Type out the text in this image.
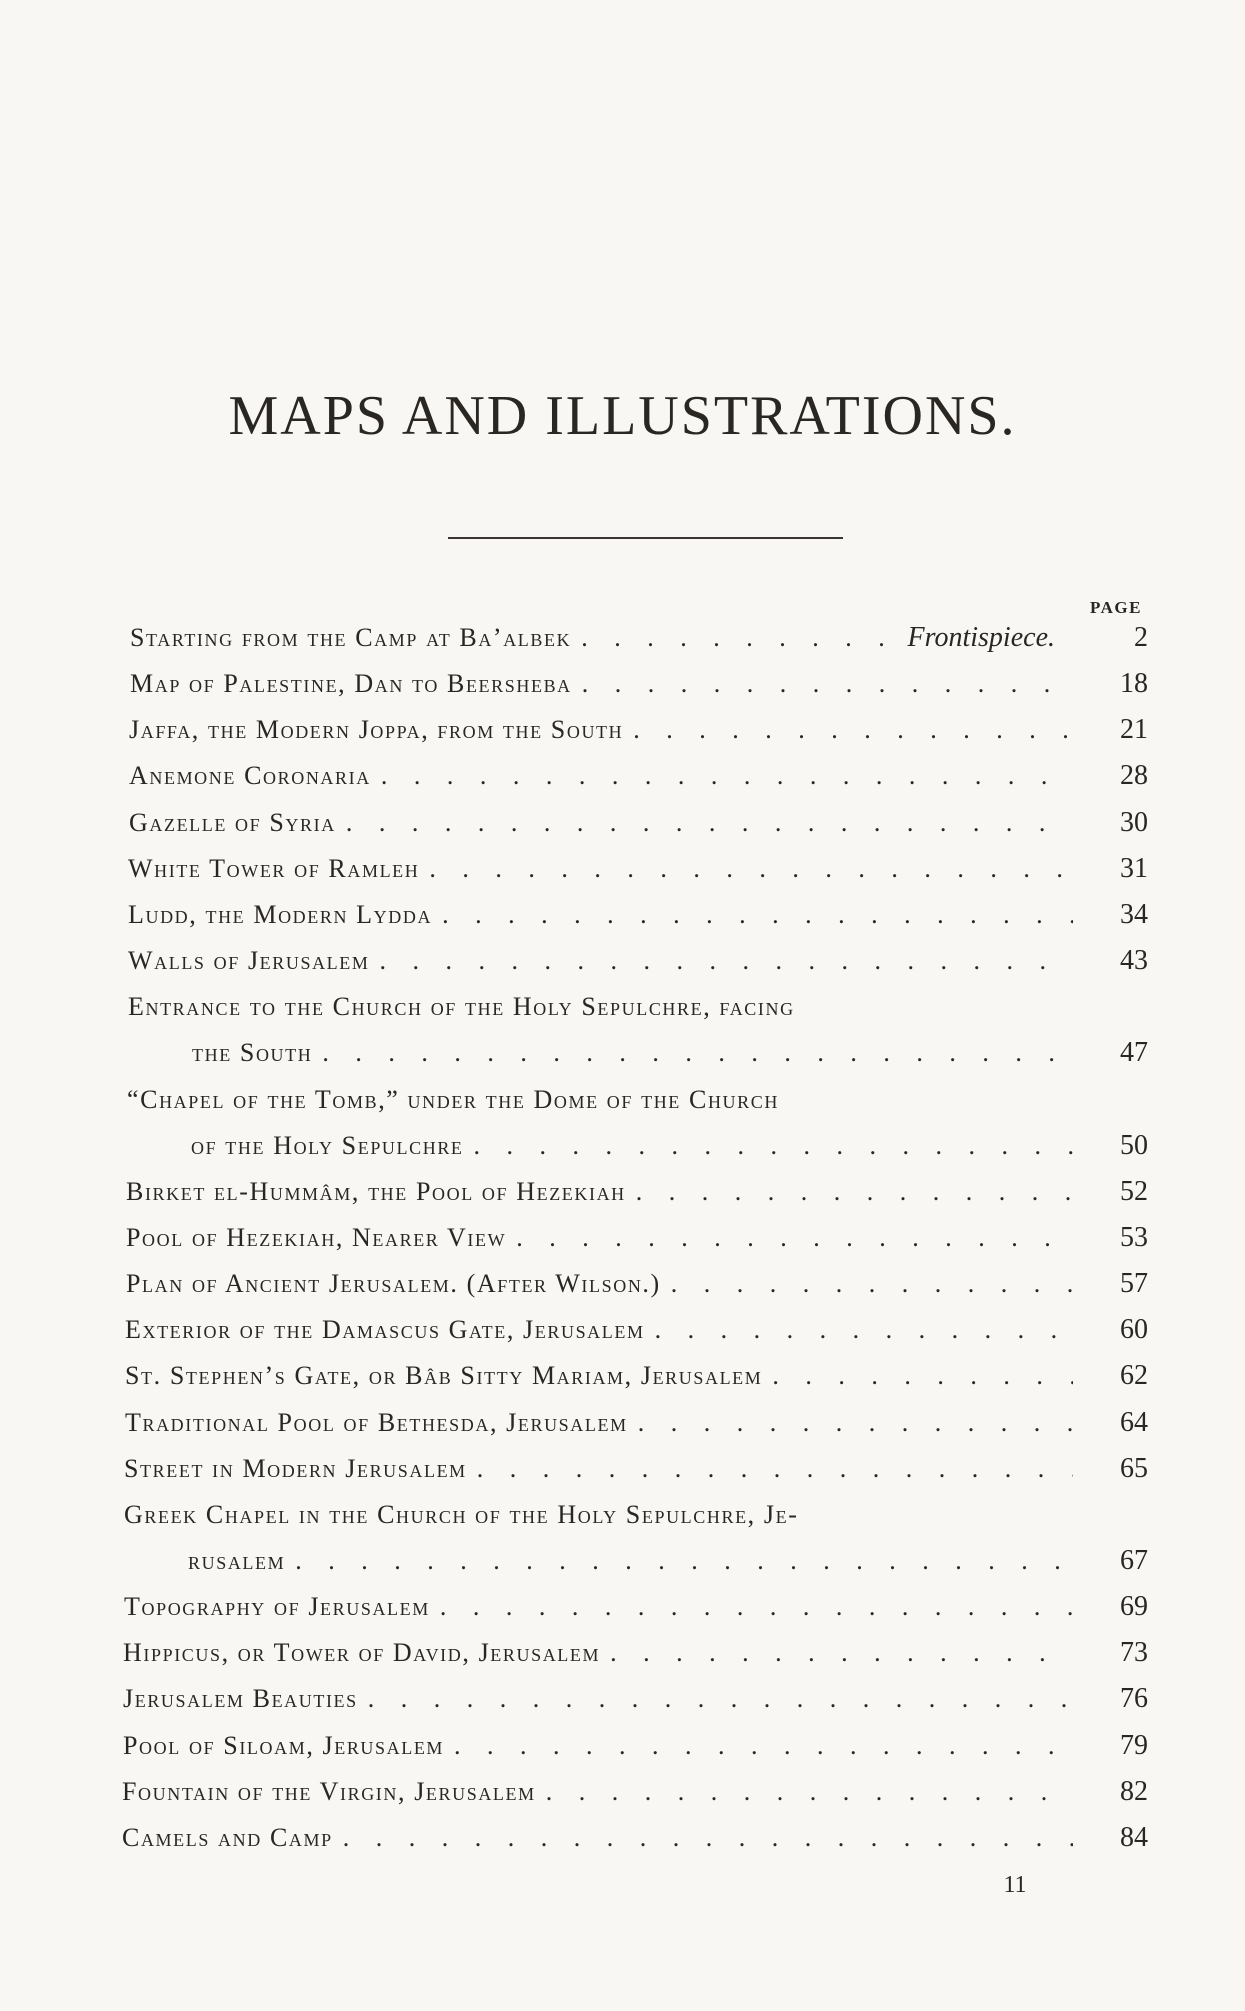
MAPS AND ILLUSTRATIONS.
PAGE
Starting from the Camp at Ba’albek . . .	Frontispiece.	2
Map of Palestine, Dan to Beersheba . . .	18
Jaffa, the Modern Joppa, from the South . . .	21
Anemone Coronaria . . .	28
Gazelle of Syria . . .	30
White Tower of Ramleh . . .	31
Ludd, the Modern Lydda . . .	34
Walls of Jerusalem . . .	43
Entrance to the Church of the Holy Sepulchre, facing
the South . . .	47
“Chapel of the Tomb,” under the Dome of the Church
of the Holy Sepulchre . . .	50
Birket el-Hummâm, the Pool of Hezekiah . . .	52
Pool of Hezekiah, Nearer View . . .	53
Plan of Ancient Jerusalem. (After Wilson.) . . .	57
Exterior of the Damascus Gate, Jerusalem . . .	60
St. Stephen’s Gate, or Bâb Sitty Mariam, Jerusalem . . .	62
Traditional Pool of Bethesda, Jerusalem . . .	64
Street in Modern Jerusalem . . .	65
Greek Chapel in the Church of the Holy Sepulchre, Je-
rusalem . . .	67
Topography of Jerusalem . . .	69
Hippicus, or Tower of David, Jerusalem . . .	73
Jerusalem Beauties . . .	76
Pool of Siloam, Jerusalem . . .	79
Fountain of the Virgin, Jerusalem . . .	82
Camels and Camp . . .	84
11
